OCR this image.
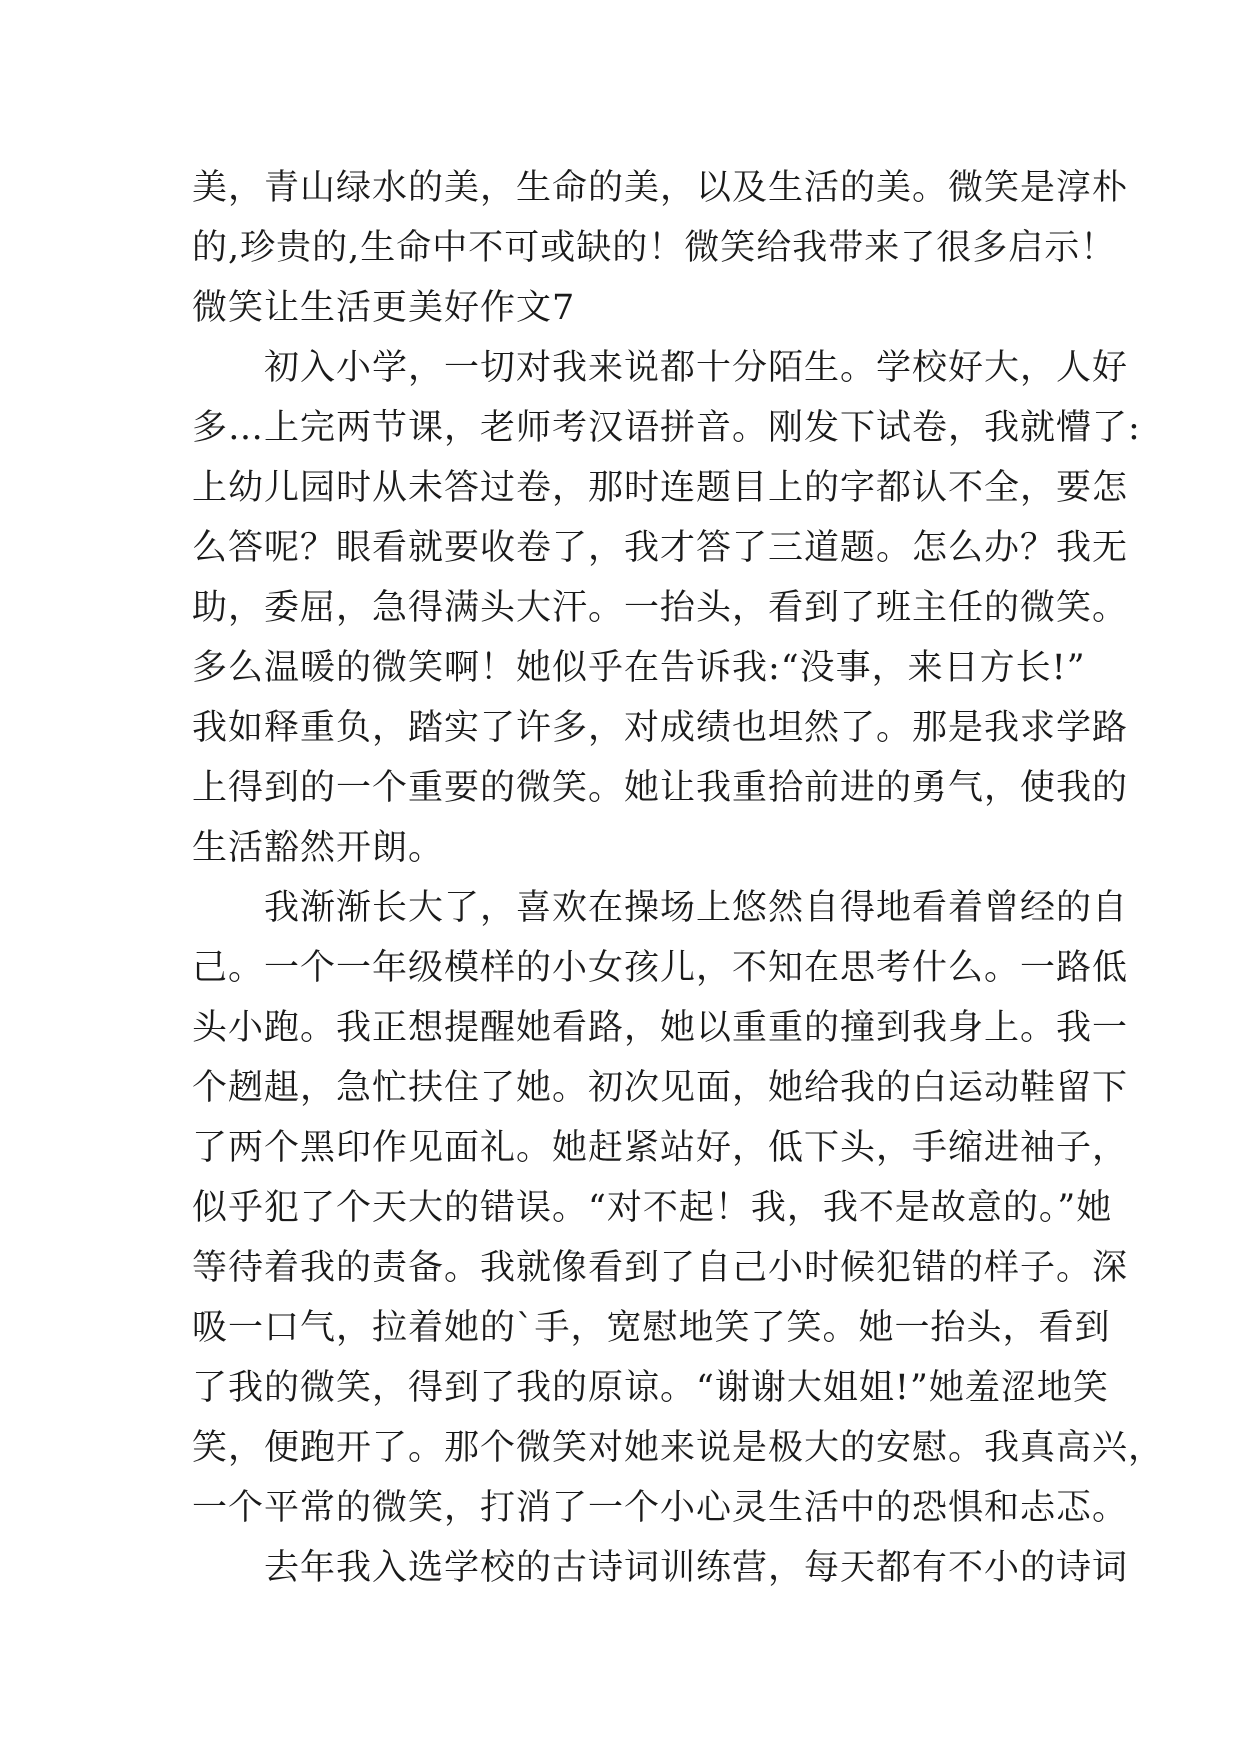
美，青山绿水的美，生命的美，以及生活的美。微笑是淳朴
的,珍贵的,生命中不可或缺的！微笑给我带来了很多启示！
微笑让生活更美好作文7
　　初入小学，一切对我来说都十分陌生。学校好大，人好
多…上完两节课，老师考汉语拼音。刚发下试卷，我就懵了:
上幼儿园时从未答过卷，那时连题目上的字都认不全，要怎
么答呢？眼看就要收卷了，我才答了三道题。怎么办？我无
助，委屈，急得满头大汗。一抬头，看到了班主任的微笑。
多么温暖的微笑啊！她似乎在告诉我:“没事，来日方长!”
我如释重负，踏实了许多，对成绩也坦然了。那是我求学路
上得到的一个重要的微笑。她让我重拾前进的勇气，使我的
生活豁然开朗。
　　我渐渐长大了，喜欢在操场上悠然自得地看着曾经的自
己。一个一年级模样的小女孩儿，不知在思考什么。一路低
头小跑。我正想提醒她看路，她以重重的撞到我身上。我一
个趔趄，急忙扶住了她。初次见面，她给我的白运动鞋留下
了两个黑印作见面礼。她赶紧站好，低下头，手缩进袖子，
似乎犯了个天大的错误。“对不起！我，我不是故意的。”她
等待着我的责备。我就像看到了自己小时候犯错的样子。深
吸一口气，拉着她的`手，宽慰地笑了笑。她一抬头，看到
了我的微笑，得到了我的原谅。“谢谢大姐姐!”她羞涩地笑
笑，便跑开了。那个微笑对她来说是极大的安慰。我真高兴，
一个平常的微笑，打消了一个小心灵生活中的恐惧和忐忑。
　　去年我入选学校的古诗词训练营，每天都有不小的诗词
